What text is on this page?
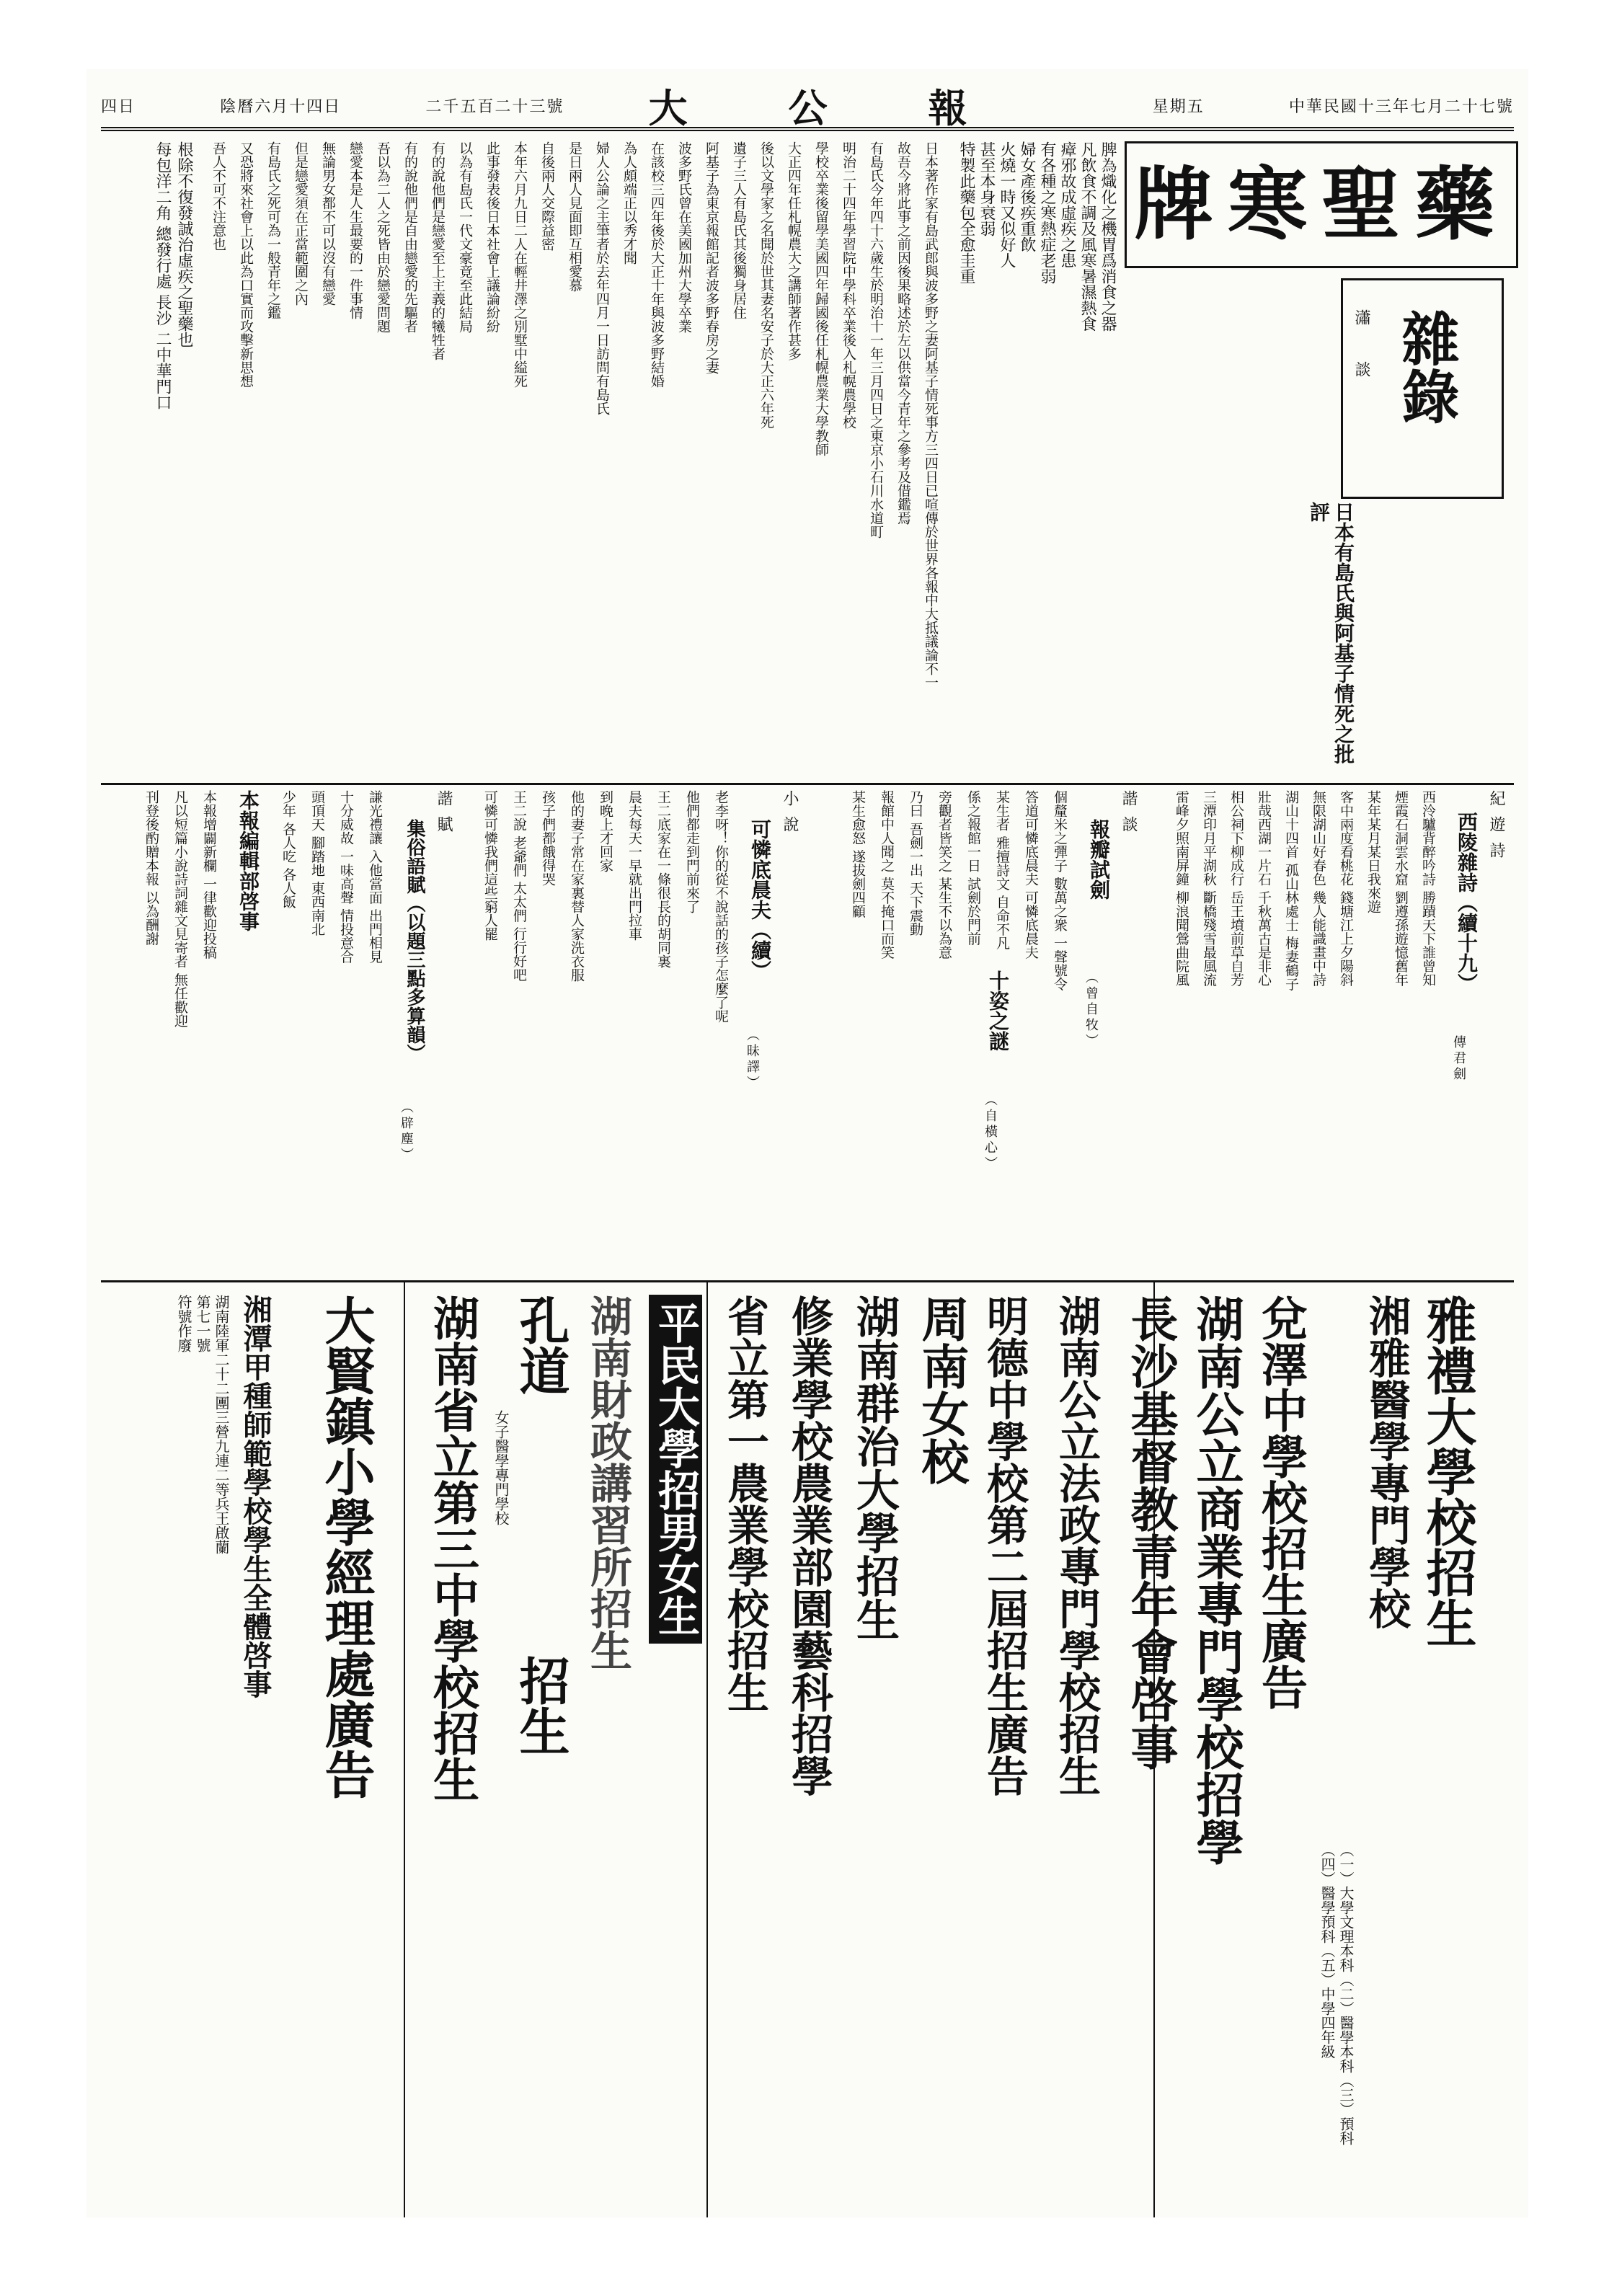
四日	陰曆六月十四日	二千五百二十三號 大公報	星期五	中華民國十三年七月二十七號
牌寒聖藥
脾為熾化之機胃爲消食之器
凡飲食不調及風寒暑濕熱食
瘴邪故成虛疾之患
有各種之寒熱症老弱
婦女產後疾重飲
火燒一時又似好人
甚至本身衰弱
特製此藥包全愈圭重
根除不復發誠治虛疾之聖藥也
每包洋二角 總發行處 長沙 二中華門口	雜錄
瀟　談
日本有島氏與阿基子情死之批評
日本著作家有島武郎與波多野之妻阿基子情死事方三四日已喧傳於世界各報中大抵議論不一
故吾今將此事之前因後果略述於左以供當今青年之參考及借鑑焉
有島氏今年四十六歲生於明治十一年三月四日之東京小石川水道町
明治二十四年學習院中學科卒業後入札幌農學校
學校卒業後留學美國四年歸國後任札幌農業大學教師
大正四年任札幌農大之講師著作甚多
後以文學家之名聞於世其妻名安子於大正六年死
遺子三人有島氏其後獨身居住
阿基子為東京報館記者波多野春房之妻
波多野氏曾在美國加州大學卒業
在該校三四年後於大正十年與波多野結婚
為人頗端正以秀才聞
婦人公論之主筆者於去年四月一日訪問有島氏
是日兩人見面即互相愛慕
自後兩人交際益密
本年六月九日二人在輕井澤之別墅中縊死
此事發表後日本社會上議論紛紛
以為有島氏一代文豪竟至此結局
有的說他們是戀愛至上主義的犧牲者
有的說他們是自由戀愛的先驅者
吾以為二人之死皆由於戀愛問題
戀愛本是人生最要的一件事情
無論男女都不可以沒有戀愛
但是戀愛須在正當範圍之內
有島氏之死可為一般青年之鑑
又恐將來社會上以此為口實而攻擊新思想
吾人不可不注意也
紀遊詩
西陵雜詩（續十九）
傳君劍
西泠驢背醉吟詩 勝蹟天下誰曾知
煙霞石洞雲水窟 劉遵孫遊憶舊年
某年某月某日我來遊
客中兩度看桃花 錢塘江上夕陽斜
無限湖山好春色 幾人能識畫中詩
湖山十四首 孤山林處士 梅妻鶴子
壯哉西湖一片石 千秋萬古是非心
相公祠下柳成行 岳王墳前草自芳
三潭印月平湖秋 斷橋殘雪最風流
雷峰夕照南屏鐘 柳浪聞鶯曲院風
諧談
報瓣試劍
（曾自牧）
個釐米之彈子 數萬之衆 一聲號令
答道可憐底晨夫 可憐底晨夫
某生者 雅擅詩文 自命不凡
係之報館一日 試劍於門前
旁觀者皆笑之 某生不以為意
乃曰 吾劍一出 天下震動
報館中人聞之 莫不掩口而笑
某生愈怒 遂拔劍四顧
小說
可憐底晨夫（續）
（昧譯）
老李呀！你的從不說話的孩子怎麼了呢
他們都走到門前來了
王二底家在一條很長的胡同裏
晨夫每天一早就出門拉車
到晚上才回家
他的妻子常在家裏替人家洗衣服
孩子們都餓得哭
王二說 老爺們 太太們 行行好吧
可憐可憐我們這些窮人罷
諧賦
集俗語賦（以題三點多算韻）
（辟塵）
謙光禮讓 入他當面 出門相見
十分威故 一味高聲 情投意合
頭頂天 腳踏地 東西南北
少年 各人吃 各人飯
十姿之謎
（自橫心）
本報編輯部啓事
本報增闢新欄 一律歡迎投稿
凡以短篇小說詩詞雜文見寄者 無任歡迎
刊登後酌贈本報 以為酬謝
雅禮大學校招生
湘雅醫學專門學校
（一）大學文理本科（二）醫學本科（三）預科
（四）醫學預科（五）中學四年級
兌澤中學校招生廣告
湖南公立商業專門學校招學
長沙基督教青年會啓事
湖南公立法政專門學校招生
明德中學校第二屆招生廣告
周南女校
湖南群治大學招生
修業學校農業部園藝科招學
省立第一農業學校招生
平民大學招男女生
湖南財政講習所招生
孔道
女子醫學專門學校
招生
湖南省立第三中學校招生
大賢鎮小學經理處廣告
湘潭甲種師範學校學生全體啓事
湖南陸軍二十二團三營九連二等兵王啟蘭
第七一號
符號作廢
